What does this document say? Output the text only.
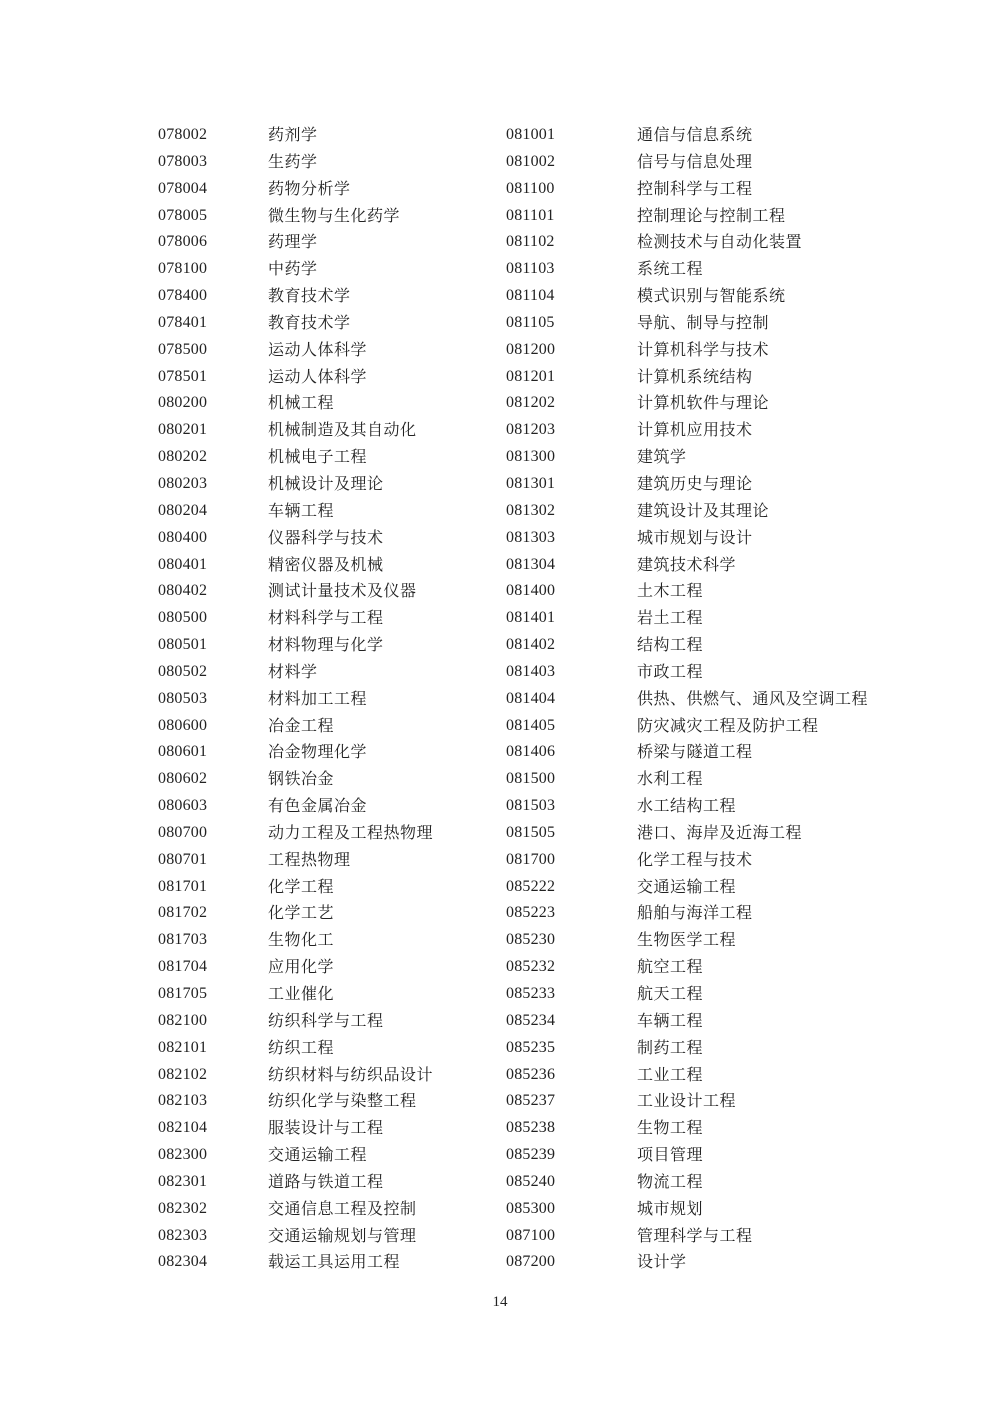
078002	药剂学
078003	生药学
078004	药物分析学
078005	微生物与生化药学
078006	药理学
078100	中药学
078400	教育技术学
078401	教育技术学
078500	运动人体科学
078501	运动人体科学
080200	机械工程
080201	机械制造及其自动化
080202	机械电子工程
080203	机械设计及理论
080204	车辆工程
080400	仪器科学与技术
080401	精密仪器及机械
080402	测试计量技术及仪器
080500	材料科学与工程
080501	材料物理与化学
080502	材料学
080503	材料加工工程
080600	冶金工程
080601	冶金物理化学
080602	钢铁冶金
080603	有色金属冶金
080700	动力工程及工程热物理
080701	工程热物理
081701	化学工程
081702	化学工艺
081703	生物化工
081704	应用化学
081705	工业催化
082100	纺织科学与工程
082101	纺织工程
082102	纺织材料与纺织品设计
082103	纺织化学与染整工程
082104	服装设计与工程
082300	交通运输工程
082301	道路与铁道工程
082302	交通信息工程及控制
082303	交通运输规划与管理
082304	载运工具运用工程
081001	通信与信息系统
081002	信号与信息处理
081100	控制科学与工程
081101	控制理论与控制工程
081102	检测技术与自动化装置
081103	系统工程
081104	模式识别与智能系统
081105	导航、制导与控制
081200	计算机科学与技术
081201	计算机系统结构
081202	计算机软件与理论
081203	计算机应用技术
081300	建筑学
081301	建筑历史与理论
081302	建筑设计及其理论
081303	城市规划与设计
081304	建筑技术科学
081400	土木工程
081401	岩土工程
081402	结构工程
081403	市政工程
081404	供热、供燃气、通风及空调工程
081405	防灾减灾工程及防护工程
081406	桥梁与隧道工程
081500	水利工程
081503	水工结构工程
081505	港口、海岸及近海工程
081700	化学工程与技术
085222	交通运输工程
085223	船舶与海洋工程
085230	生物医学工程
085232	航空工程
085233	航天工程
085234	车辆工程
085235	制药工程
085236	工业工程
085237	工业设计工程
085238	生物工程
085239	项目管理
085240	物流工程
085300	城市规划
087100	管理科学与工程
087200	设计学
14
